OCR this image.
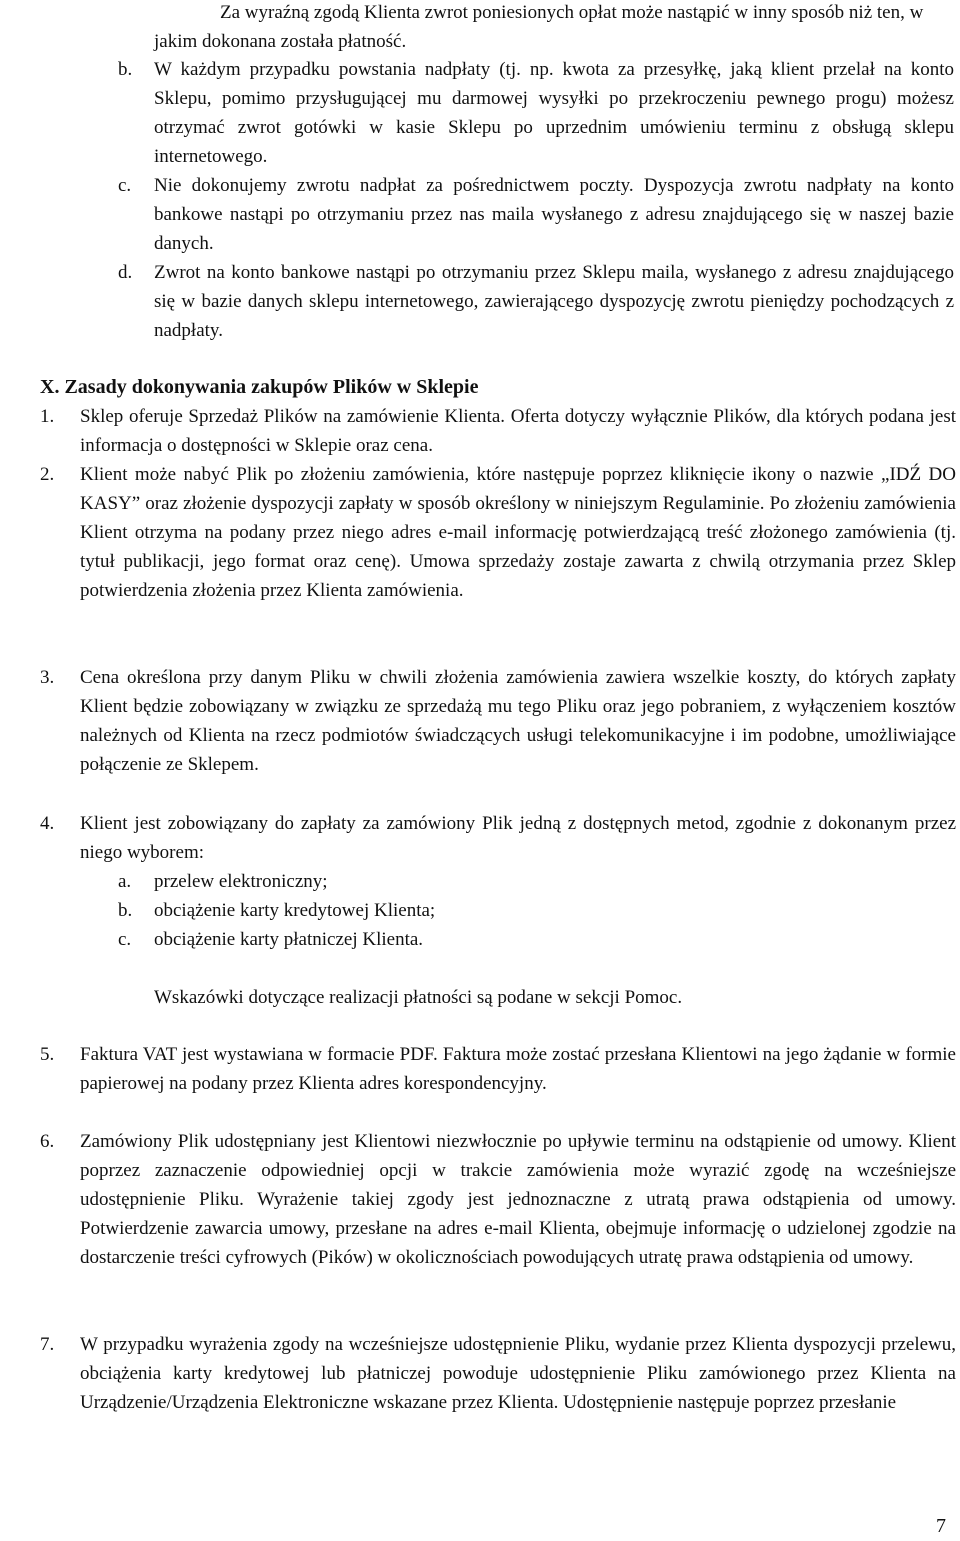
Za wyraźną zgodą Klienta zwrot poniesionych opłat może nastąpić w inny sposób niż ten, w jakim dokonana została płatność.
b.	W każdym przypadku powstania nadpłaty (tj. np. kwota za przesyłkę, jaką klient przelał na konto Sklepu, pomimo przysługującej mu darmowej wysyłki po przekroczeniu pewnego progu) możesz otrzymać zwrot gotówki w kasie Sklepu po uprzednim umówieniu terminu z obsługą sklepu internetowego.
c.	Nie dokonujemy zwrotu nadpłat za pośrednictwem poczty. Dyspozycja zwrotu nadpłaty na konto bankowe nastąpi po otrzymaniu przez nas maila wysłanego z adresu znajdującego się w naszej bazie danych.
d.	Zwrot na konto bankowe nastąpi po otrzymaniu przez Sklepu maila, wysłanego z adresu znajdującego się w bazie danych sklepu internetowego, zawierającego dyspozycję zwrotu pieniędzy pochodzących z nadpłaty.
X. Zasady dokonywania zakupów Plików w Sklepie
1.	Sklep oferuje Sprzedaż Plików na zamówienie Klienta. Oferta dotyczy wyłącznie Plików, dla których podana jest informacja o dostępności w Sklepie oraz cena.
2.	Klient może nabyć Plik po złożeniu zamówienia, które następuje poprzez kliknięcie ikony o nazwie „IDŹ DO KASY” oraz złożenie dyspozycji zapłaty w sposób określony w niniejszym Regulaminie. Po złożeniu zamówienia Klient otrzyma na podany przez niego adres e-mail informację potwierdzającą treść złożonego zamówienia (tj. tytuł publikacji, jego format oraz cenę). Umowa sprzedaży zostaje zawarta z chwilą otrzymania przez Sklep potwierdzenia złożenia przez Klienta zamówienia.
3.	Cena określona przy danym Pliku w chwili złożenia zamówienia zawiera wszelkie koszty, do których zapłaty Klient będzie zobowiązany w związku ze sprzedażą mu tego Pliku oraz jego pobraniem, z wyłączeniem kosztów należnych od Klienta na rzecz podmiotów świadczących usługi telekomunikacyjne i im podobne, umożliwiające połączenie ze Sklepem.
4.	Klient jest zobowiązany do zapłaty za zamówiony Plik jedną z dostępnych metod, zgodnie z dokonanym przez niego wyborem:
a.	przelew elektroniczny;
b.	obciążenie karty kredytowej Klienta;
c.	obciążenie karty płatniczej Klienta.
Wskazówki dotyczące realizacji płatności są podane w sekcji Pomoc.
5.	Faktura VAT jest wystawiana w formacie PDF. Faktura może zostać przesłana Klientowi na jego żądanie w formie papierowej na podany przez Klienta adres korespondencyjny.
6.	Zamówiony Plik udostępniany jest Klientowi niezwłocznie po upływie terminu na odstąpienie od umowy. Klient poprzez zaznaczenie odpowiedniej opcji w trakcie zamówienia może wyrazić zgodę na wcześniejsze udostępnienie Pliku. Wyrażenie takiej zgody jest jednoznaczne z utratą prawa odstąpienia od umowy. Potwierdzenie zawarcia umowy, przesłane na adres e-mail Klienta, obejmuje informację o udzielonej zgodzie na dostarczenie treści cyfrowych (Pików) w okolicznościach powodujących utratę prawa odstąpienia od umowy.
7.	W przypadku wyrażenia zgody na wcześniejsze udostępnienie Pliku, wydanie przez Klienta dyspozycji przelewu, obciążenia karty kredytowej lub płatniczej powoduje udostępnienie Pliku zamówionego przez Klienta na Urządzenie/Urządzenia Elektroniczne wskazane przez Klienta. Udostępnienie następuje poprzez przesłanie
7
